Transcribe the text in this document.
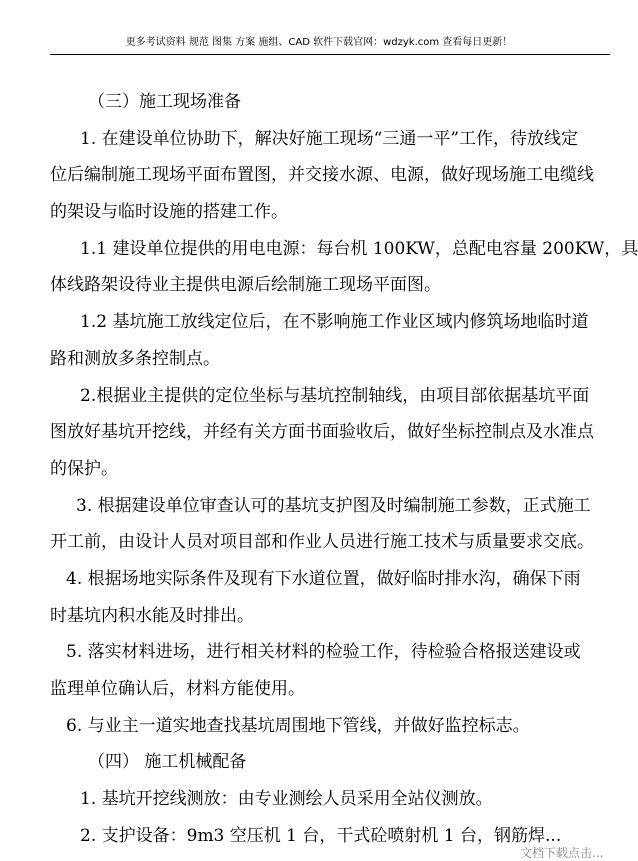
更多考试资料 规范 图集 方案 施组、CAD 软件下载官网：wdzyk.com 查看每日更新！
（三）施工现场准备
1. 在建设单位协助下，解决好施工现场“三通一平”工作，待放线定
位后编制施工现场平面布置图，并交接水源、电源，做好现场施工电缆线
的架设与临时设施的搭建工作。
1.1 建设单位提供的用电电源：每台机 100KW，总配电容量 200KW，具
体线路架设待业主提供电源后绘制施工现场平面图。
1.2 基坑施工放线定位后，在不影响施工作业区域内修筑场地临时道
路和测放多条控制点。
2.根据业主提供的定位坐标与基坑控制轴线，由项目部依据基坑平面
图放好基坑开挖线，并经有关方面书面验收后，做好坐标控制点及水准点
的保护。
3. 根据建设单位审查认可的基坑支护图及时编制施工参数，正式施工
开工前，由设计人员对项目部和作业人员进行施工技术与质量要求交底。
4. 根据场地实际条件及现有下水道位置，做好临时排水沟，确保下雨
时基坑内积水能及时排出。
5. 落实材料进场，进行相关材料的检验工作，待检验合格报送建设或
监理单位确认后，材料方能使用。
6. 与业主一道实地查找基坑周围地下管线，并做好监控标志。
（四） 施工机械配备
1. 基坑开挖线测放：由专业测绘人员采用全站仪测放。
2. 支护设备：9m3 空压机 1 台，干式砼喷射机 1 台，钢筋焊...
文档下载点击...
